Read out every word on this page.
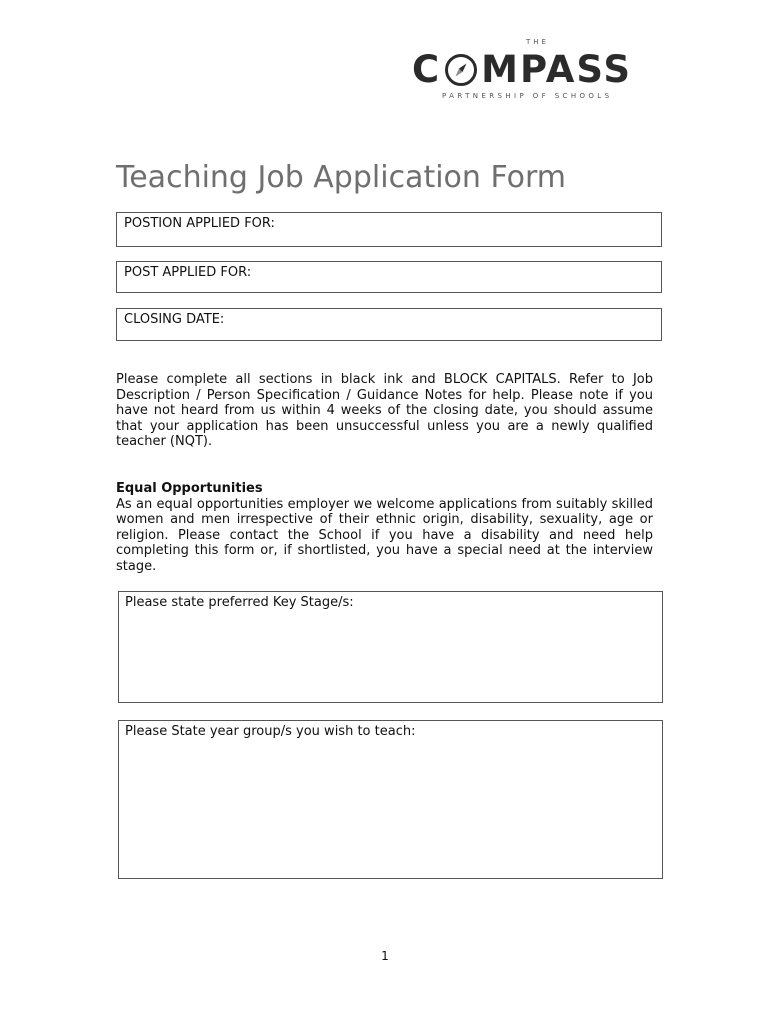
THE
C MPASS
PARTNERSHIP OF SCHOOLS
Teaching Job Application Form
POSTION APPLIED FOR:
POST APPLIED FOR:
CLOSING DATE:
Please complete all sections in black ink and BLOCK CAPITALS. Refer to Job Description / Person Specification / Guidance Notes for help. Please note if you have not heard from us within 4 weeks of the closing date, you should assume that your application has been unsuccessful unless you are a newly qualified teacher (NQT).
Equal Opportunities
As an equal opportunities employer we welcome applications from suitably skilled women and men irrespective of their ethnic origin, disability, sexuality, age or religion. Please contact the School if you have a disability and need help completing this form or, if shortlisted, you have a special need at the interview stage.
Please state preferred Key Stage/s:
Please State year group/s you wish to teach:
1
